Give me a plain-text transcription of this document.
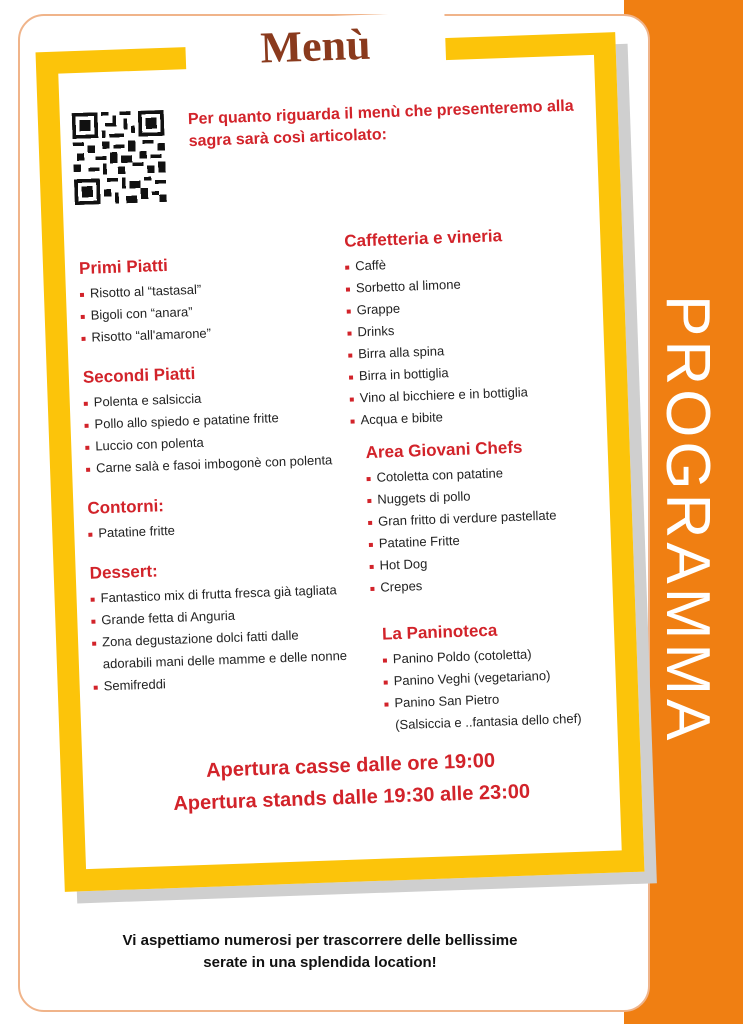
PROGRAMMA
Menù
Per quanto riguarda il menù che presenteremo alla sagra sarà così articolato:
Primi Piatti
Risotto al “tastasal”
Bigoli con “anara”
Risotto “all'amarone”
Secondi Piatti
Polenta e salsiccia
Pollo allo spiedo e patatine fritte
Luccio con polenta
Carne salà e fasoi imbogonè con polenta
Contorni:
Patatine fritte
Dessert:
Fantastico mix di frutta fresca già tagliata
Grande fetta di Anguria
Zona degustazione dolci fatti dalle
adorabili mani delle mamme e delle nonne
Semifreddi
Caffetteria e vineria
Caffè
Sorbetto al limone
Grappe
Drinks
Birra alla spina
Birra in bottiglia
Vino al bicchiere e in bottiglia
Acqua e bibite
Area Giovani Chefs
Cotoletta con patatine
Nuggets di pollo
Gran fritto di verdure pastellate
Patatine Fritte
Hot Dog
Crepes
La Paninoteca
Panino Poldo (cotoletta)
Panino Veghi (vegetariano)
Panino San Pietro
(Salsiccia e ..fantasia dello chef)
Apertura casse dalle ore 19:00
Apertura stands dalle 19:30 alle 23:00
Vi aspettiamo numerosi per trascorrere delle bellissime
serate in una splendida location!
